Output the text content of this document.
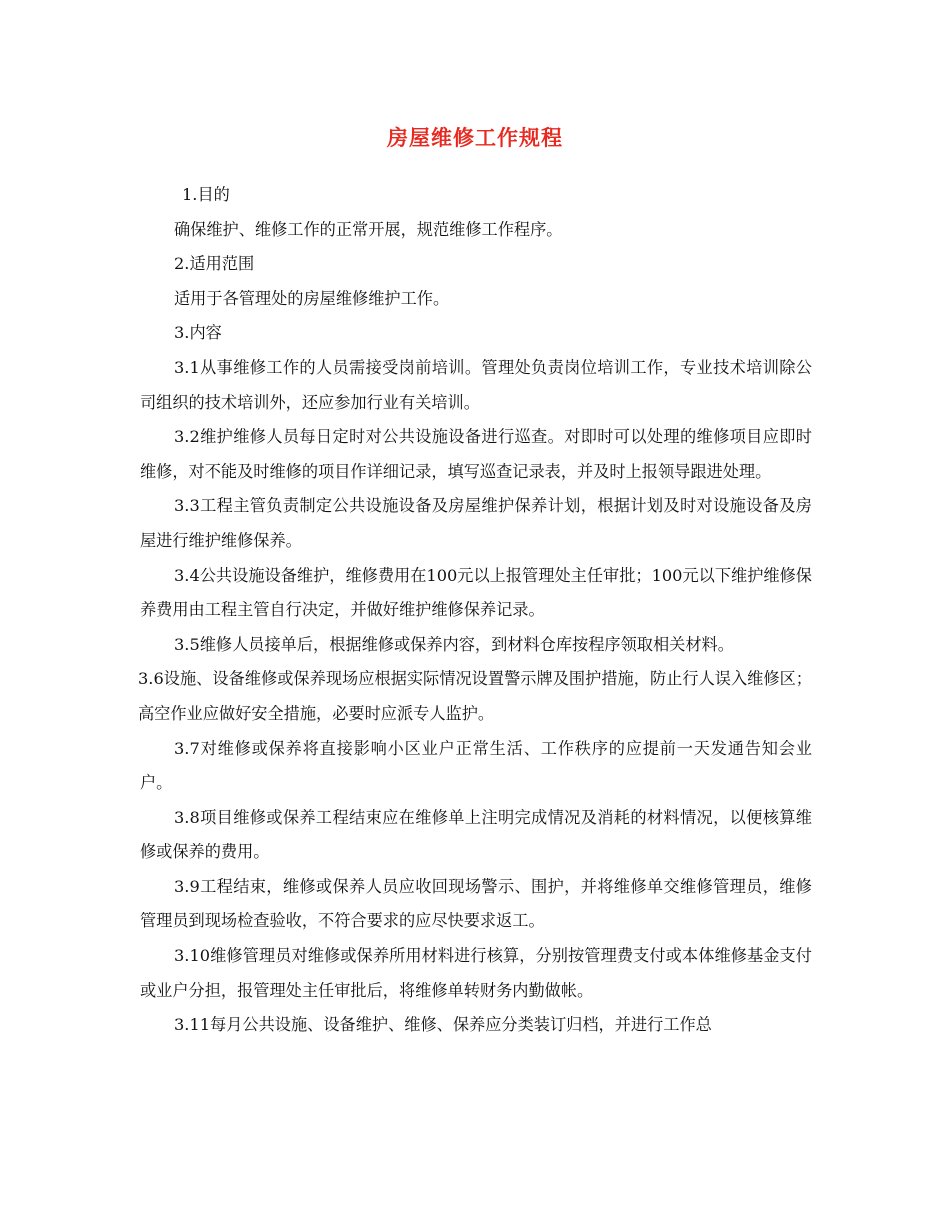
房屋维修工作规程

1.目的

确保维护、维修工作的正常开展，规范维修工作程序。

2.适用范围

适用于各管理处的房屋维修维护工作。

3.内容

3.1从事维修工作的人员需接受岗前培训。管理处负责岗位培训工作，专业技术培训除公司组织的技术培训外，还应参加行业有关培训。

3.2维护维修人员每日定时对公共设施设备进行巡查。对即时可以处理的维修项目应即时维修，对不能及时维修的项目作详细记录，填写巡查记录表，并及时上报领导跟进处理。

3.3工程主管负责制定公共设施设备及房屋维护保养计划，根据计划及时对设施设备及房屋进行维护维修保养。

3.4公共设施设备维护，维修费用在100元以上报管理处主任审批；100元以下维护维修保养费用由工程主管自行决定，并做好维护维修保养记录。

3.5维修人员接单后，根据维修或保养内容，到材料仓库按程序领取相关材料。

3.6设施、设备维修或保养现场应根据实际情况设置警示牌及围护措施，防止行人误入维修区；高空作业应做好安全措施，必要时应派专人监护。

3.7对维修或保养将直接影响小区业户正常生活、工作秩序的应提前一天发通告知会业户。

3.8项目维修或保养工程结束应在维修单上注明完成情况及消耗的材料情况，以便核算维修或保养的费用。

3.9工程结束，维修或保养人员应收回现场警示、围护，并将维修单交维修管理员，维修管理员到现场检查验收，不符合要求的应尽快要求返工。

3.10维修管理员对维修或保养所用材料进行核算，分别按管理费支付或本体维修基金支付或业户分担，报管理处主任审批后，将维修单转财务内勤做帐。

3.11每月公共设施、设备维护、维修、保养应分类装订归档，并进行工作总
